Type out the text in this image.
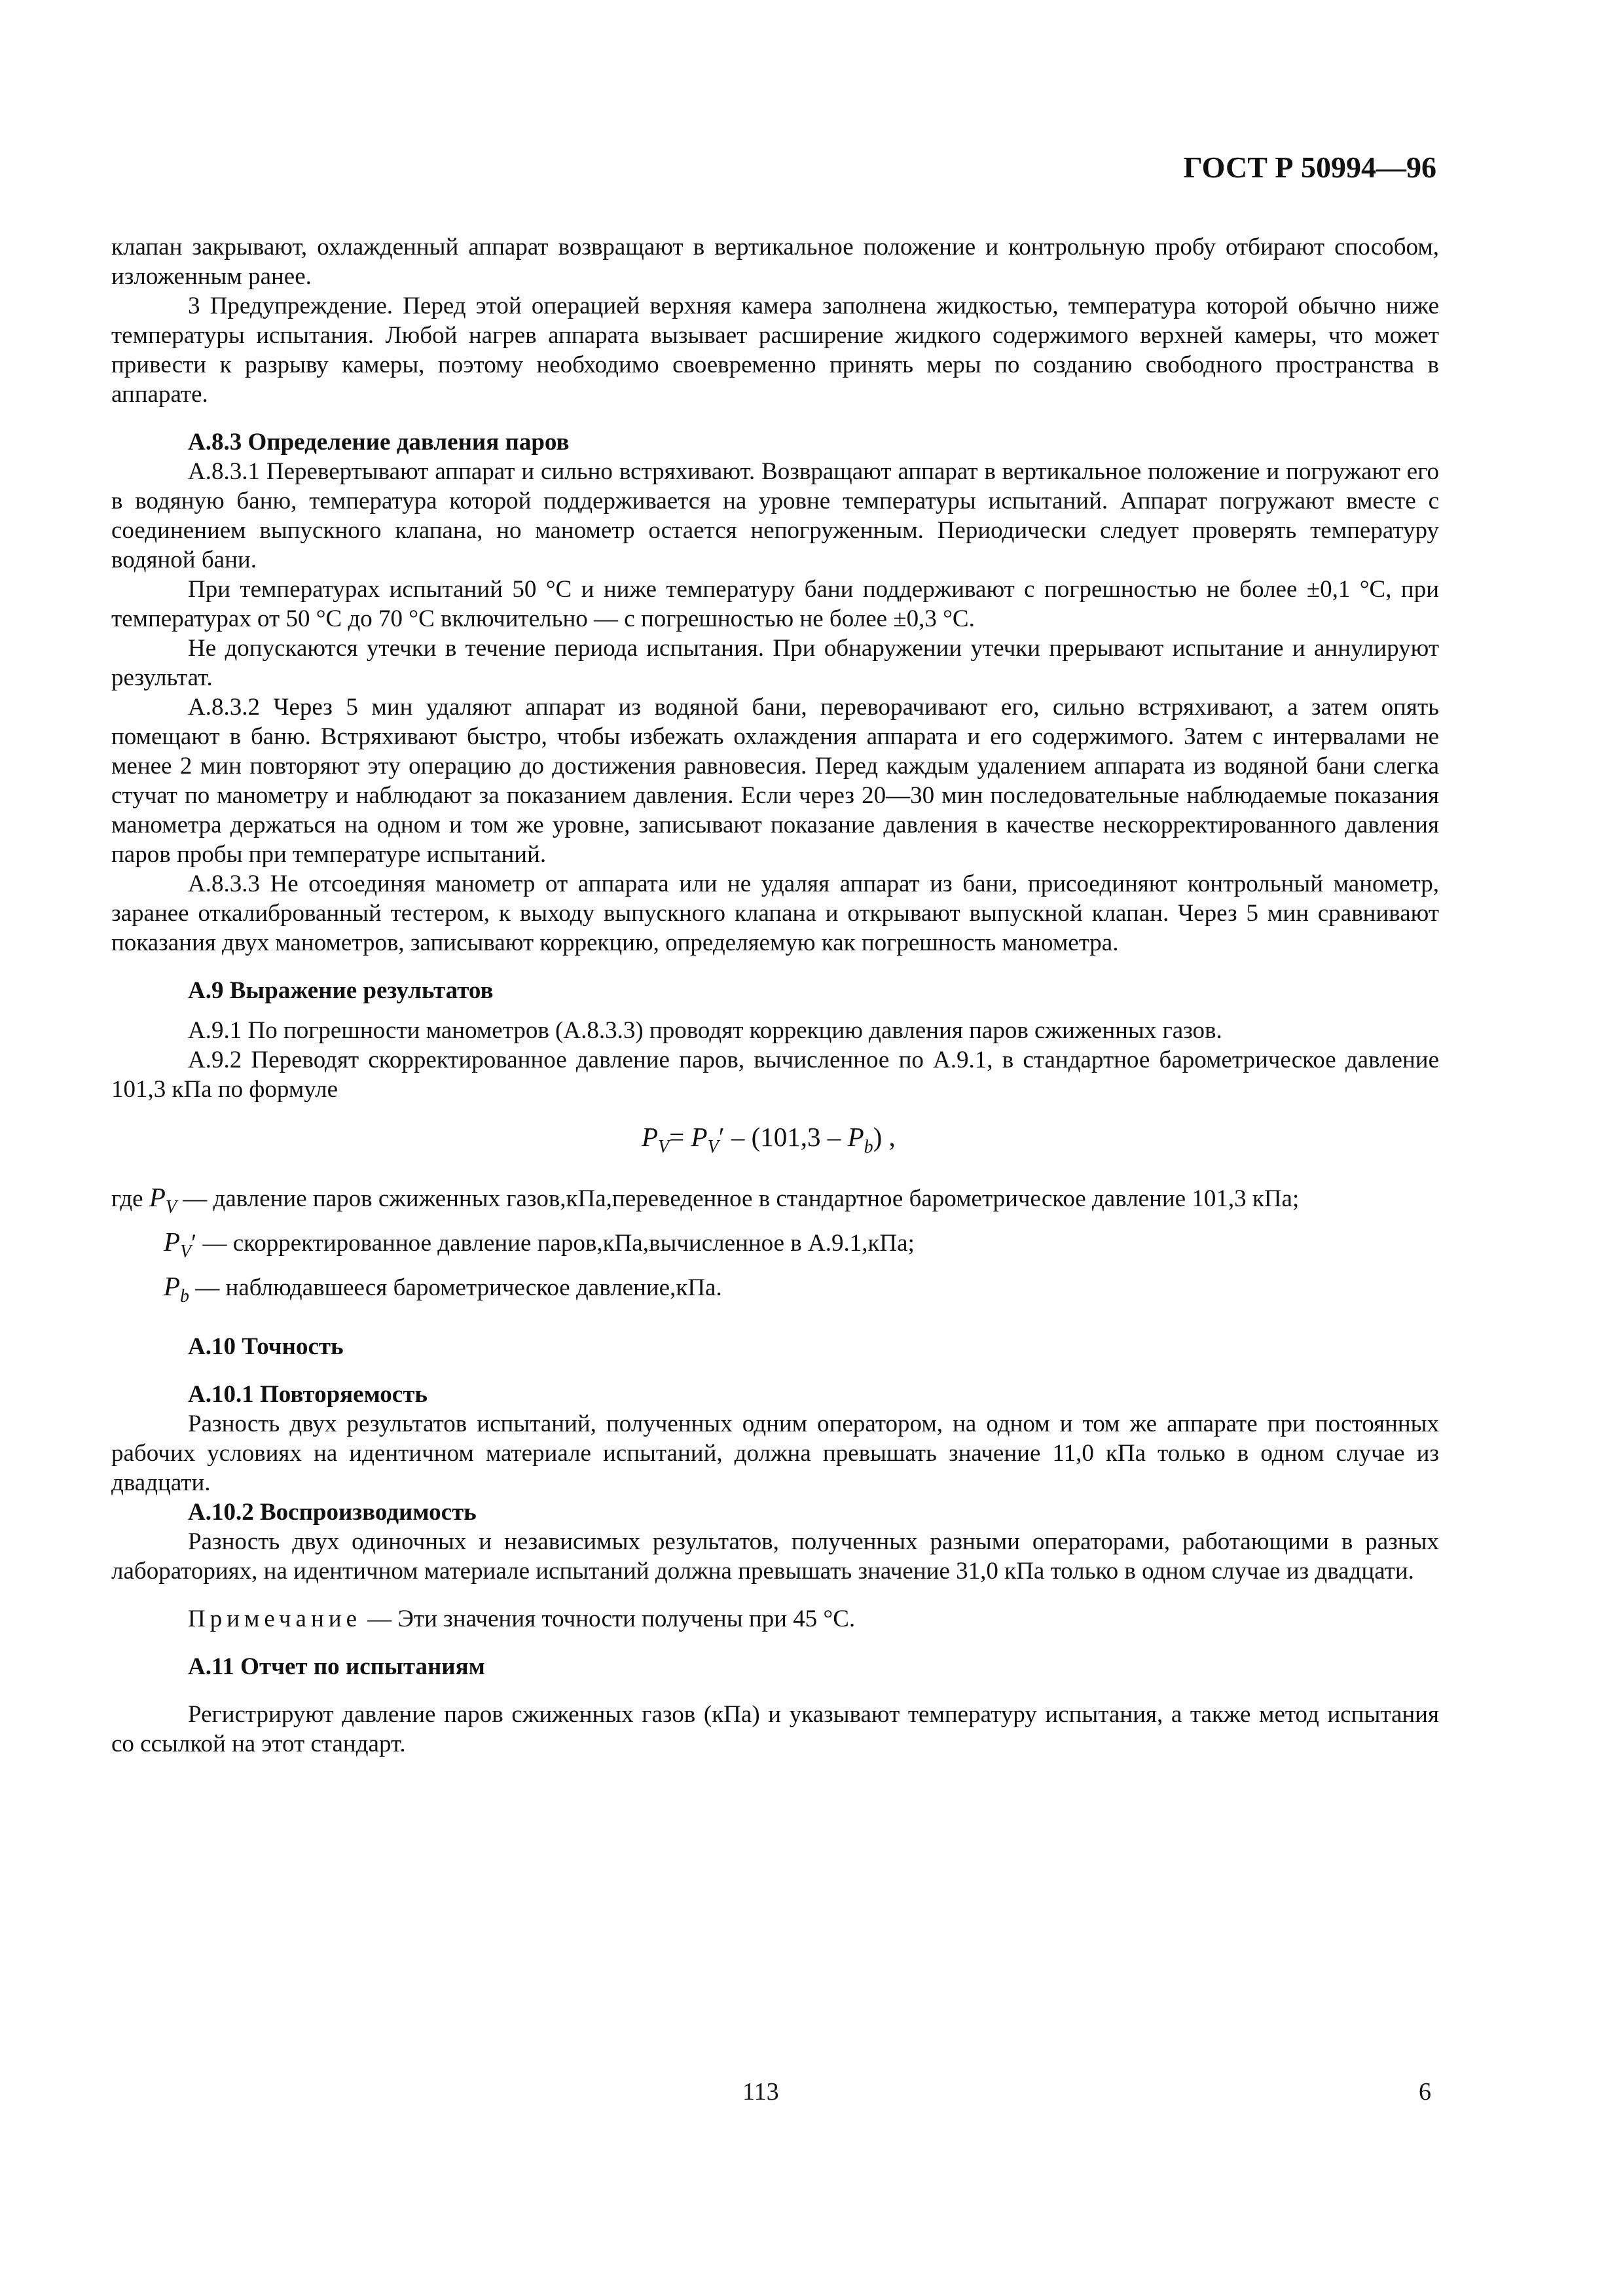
ГОСТ Р 50994—96

клапан закрывают, охлажденный аппарат возвращают в вертикальное положение и контрольную пробу отбирают способом, изложенным ранее.

3 Предупреждение. Перед этой операцией верхняя камера заполнена жидкостью, температура которой обычно ниже температуры испытания. Любой нагрев аппарата вызывает расширение жидкого содержимого верхней камеры, что может привести к разрыву камеры, поэтому необходимо своевременно принять меры по созданию свободного пространства в аппарате.

А.8.3 Определение давления паров

А.8.3.1 Перевертывают аппарат и сильно встряхивают. Возвращают аппарат в вертикальное положение и погружают его в водяную баню, температура которой поддерживается на уровне температуры испытаний. Аппарат погружают вместе с соединением выпускного клапана, но манометр остается непогруженным. Периодически следует проверять температуру водяной бани.

При температурах испытаний 50 °С и ниже температуру бани поддерживают с погрешностью не более ±0,1 °С, при температурах от 50 °С до 70 °С включительно — с погрешностью не более ±0,3 °С.

Не допускаются утечки в течение периода испытания. При обнаружении утечки прерывают испытание и аннулируют результат.

А.8.3.2 Через 5 мин удаляют аппарат из водяной бани, переворачивают его, сильно встряхивают, а затем опять помещают в баню. Встряхивают быстро, чтобы избежать охлаждения аппарата и его содержимого. Затем с интервалами не менее 2 мин повторяют эту операцию до достижения равновесия. Перед каждым удалением аппарата из водяной бани слегка стучат по манометру и наблюдают за показанием давления. Если через 20—30 мин последовательные наблюдаемые показания манометра держаться на одном и том же уровне, записывают показание давления в качестве нескорректированного давления паров пробы при температуре испытаний.

А.8.3.3 Не отсоединяя манометр от аппарата или не удаляя аппарат из бани, присоединяют контрольный манометр, заранее откалиброванный тестером, к выходу выпускного клапана и открывают выпускной клапан. Через 5 мин сравнивают показания двух манометров, записывают коррекцию, определяемую как погрешность манометра.

А.9 Выражение результатов

А.9.1 По погрешности манометров (А.8.3.3) проводят коррекцию давления паров сжиженных газов.

А.9.2 Переводят скорректированное давление паров, вычисленное по А.9.1, в стандартное барометрическое давление 101,3 кПа по формуле

$P_V= P_V' - (101,3 - P_b)$ ,

где $P_V$ — давление паров сжиженных газов,кПа,переведенное в стандартное барометрическое давление 101,3 кПа;

$P_V'$ — скорректированное давление паров,кПа,вычисленное в А.9.1,кПа;

$P_b$ — наблюдавшееся барометрическое давление,кПа.

А.10 Точность

А.10.1 Повторяемость

Разность двух результатов испытаний, полученных одним оператором, на одном и том же аппарате при постоянных рабочих условиях на идентичном материале испытаний, должна превышать значение 11,0 кПа только в одном случае из двадцати.

А.10.2 Воспроизводимость

Разность двух одиночных и независимых результатов, полученных разными операторами, работающими в разных лабораториях, на идентичном материале испытаний должна превышать значение 31,0 кПа только в одном случае из двадцати.

Примечание — Эти значения точности получены при 45 °С.

А.11 Отчет по испытаниям

Регистрируют давление паров сжиженных газов (кПа) и указывают температуру испытания, а также метод испытания со ссылкой на этот стандарт.

113	6
